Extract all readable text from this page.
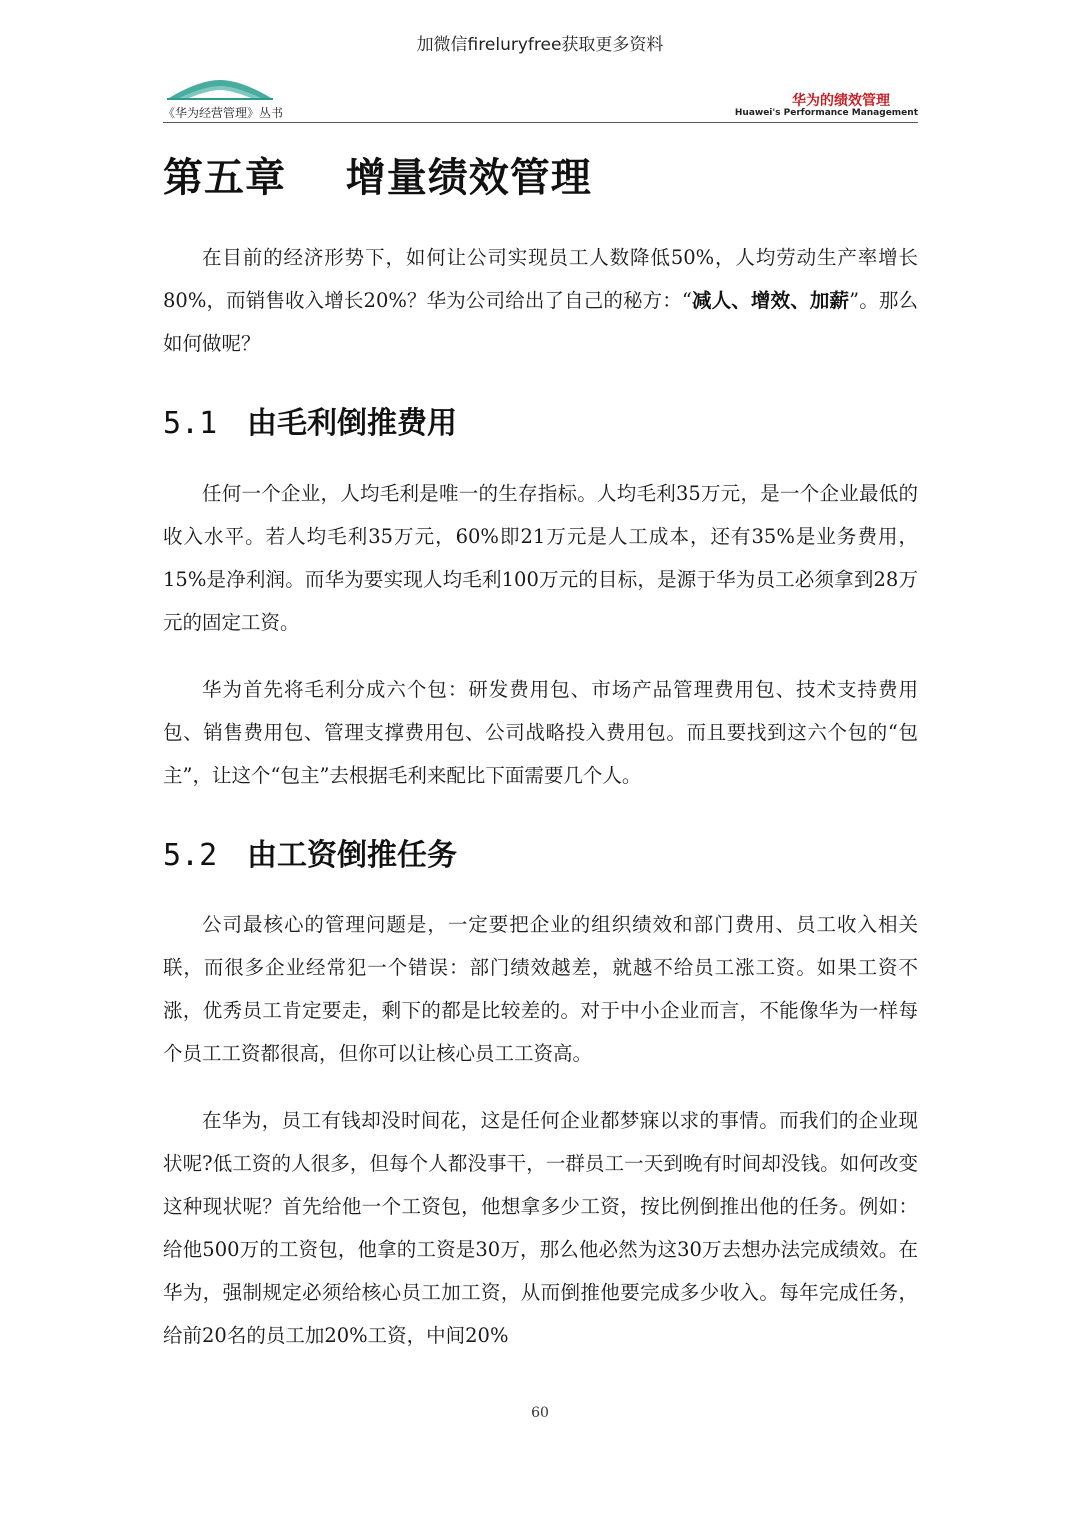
加微信fireluryfree获取更多资料
《华为经营管理》丛书
华为的绩效管理
Huawei's Performance Management
第五章    增量绩效管理

在目前的经济形势下，如何让公司实现员工人数降低50%，人均劳动生产率增长80%，而销售收入增长20%？华为公司给出了自己的秘方：“减人、增效、加薪”。那么如何做呢？

5.1 由毛利倒推费用

任何一个企业，人均毛利是唯一的生存指标。人均毛利35万元，是一个企业最低的收入水平。若人均毛利35万元，60%即21万元是人工成本，还有35%是业务费用，15%是净利润。而华为要实现人均毛利100万元的目标，是源于华为员工必须拿到28万元的固定工资。

华为首先将毛利分成六个包：研发费用包、市场产品管理费用包、技术支持费用包、销售费用包、管理支撑费用包、公司战略投入费用包。而且要找到这六个包的“包主”，让这个“包主”去根据毛利来配比下面需要几个人。

5.2 由工资倒推任务

公司最核心的管理问题是，一定要把企业的组织绩效和部门费用、员工收入相关联，而很多企业经常犯一个错误：部门绩效越差，就越不给员工涨工资。如果工资不涨，优秀员工肯定要走，剩下的都是比较差的。对于中小企业而言，不能像华为一样每个员工工资都很高，但你可以让核心员工工资高。

在华为，员工有钱却没时间花，这是任何企业都梦寐以求的事情。而我们的企业现状呢?低工资的人很多，但每个人都没事干，一群员工一天到晚有时间却没钱。如何改变这种现状呢？首先给他一个工资包，他想拿多少工资，按比例倒推出他的任务。例如：给他500万的工资包，他拿的工资是30万，那么他必然为这30万去想办法完成绩效。在华为，强制规定必须给核心员工加工资，从而倒推他要完成多少收入。每年完成任务，给前20名的员工加20%工资，中间20%

60
